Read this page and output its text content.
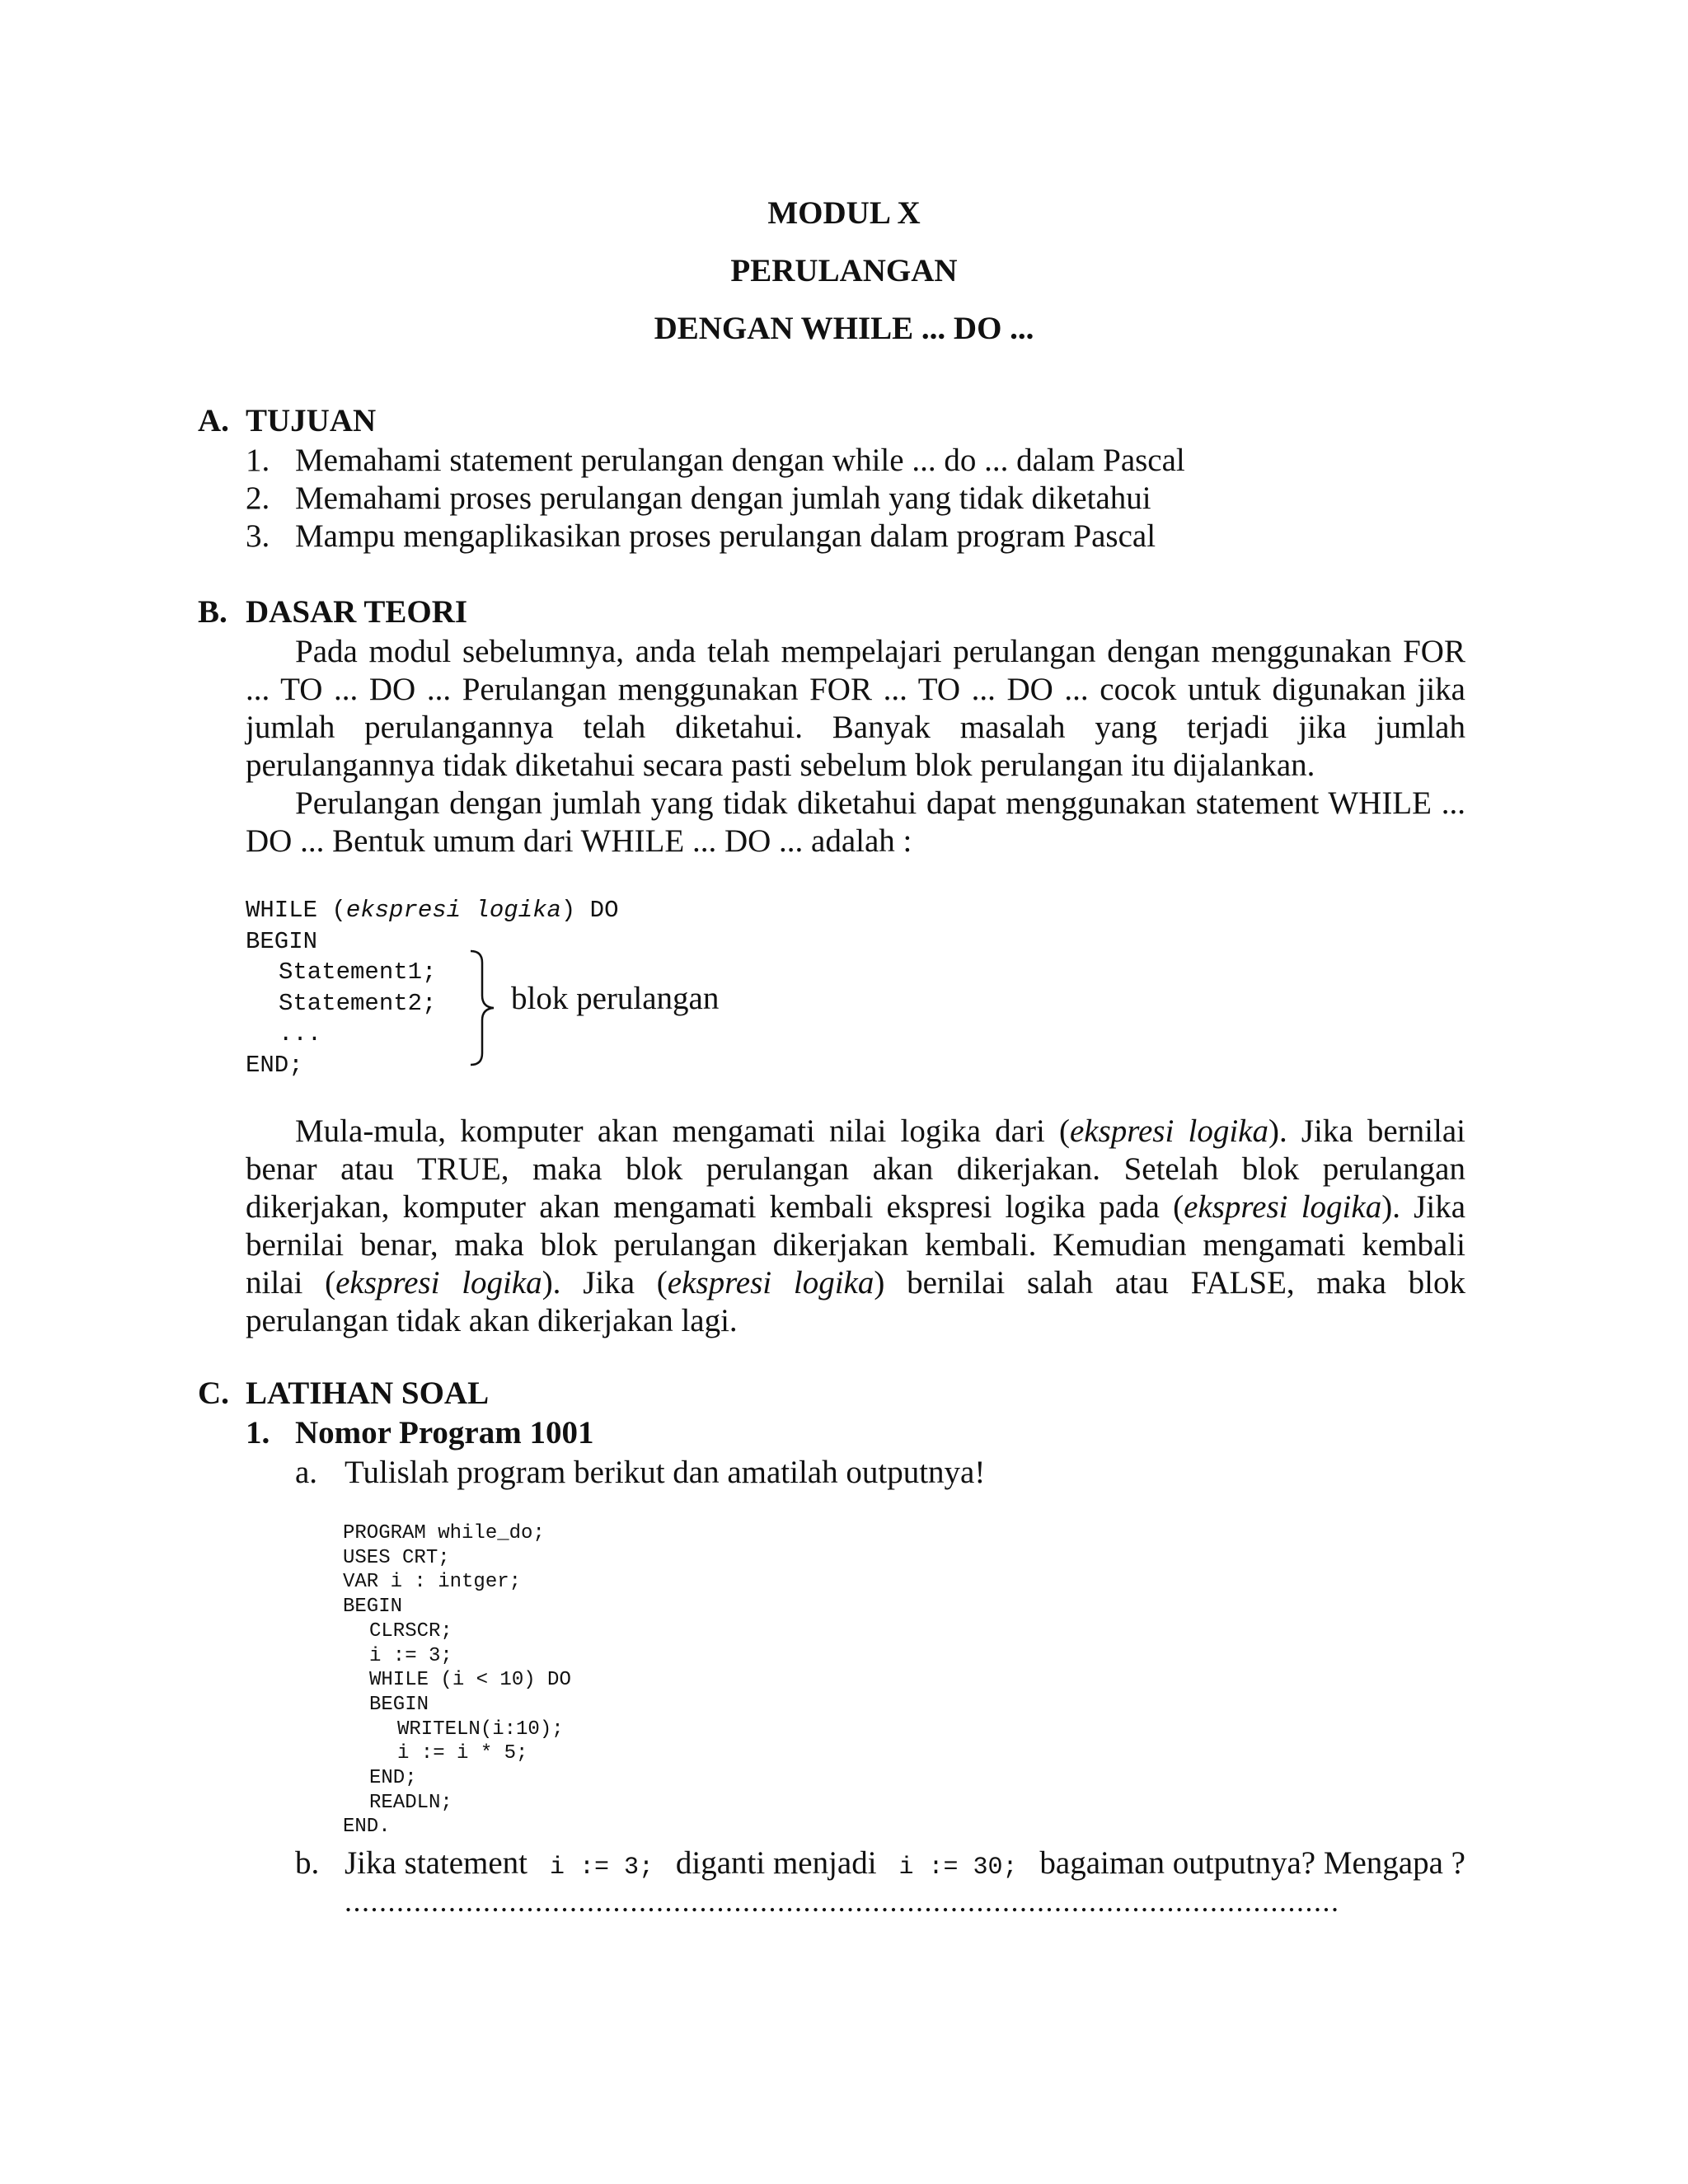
MODUL X
PERULANGAN
DENGAN WHILE ... DO ...
A. TUJUAN
1. Memahami statement perulangan dengan while ... do ... dalam Pascal
2. Memahami proses perulangan dengan jumlah yang tidak diketahui
3. Mampu mengaplikasikan proses perulangan dalam program Pascal
B. DASAR TEORI
Pada modul sebelumnya, anda telah mempelajari perulangan dengan menggunakan FOR
... TO ... DO ... Perulangan menggunakan FOR ... TO ... DO ... cocok untuk digunakan jika
jumlah perulangannya telah diketahui. Banyak masalah yang terjadi jika jumlah
perulangannya tidak diketahui secara pasti sebelum blok perulangan itu dijalankan.
Perulangan dengan jumlah yang tidak diketahui dapat menggunakan statement WHILE ...
DO ... Bentuk umum dari WHILE ... DO ... adalah :
WHILE (ekspresi logika) DO
BEGIN
Statement1;
Statement2;
...
END;
blok perulangan
Mula-mula, komputer akan mengamati nilai logika dari (ekspresi logika). Jika bernilai
benar atau TRUE, maka blok perulangan akan dikerjakan. Setelah blok perulangan
dikerjakan, komputer akan mengamati kembali ekspresi logika pada (ekspresi logika). Jika
bernilai benar, maka blok perulangan dikerjakan kembali. Kemudian mengamati kembali
nilai (ekspresi logika). Jika (ekspresi logika) bernilai salah atau FALSE, maka blok
perulangan tidak akan dikerjakan lagi.
C. LATIHAN SOAL
1. Nomor Program 1001
a. Tulislah program berikut dan amatilah outputnya!
PROGRAM while_do;
USES CRT;
VAR i : intger;
BEGIN
CLRSCR;
i := 3;
WHILE (i < 10) DO
BEGIN
WRITELN(i:10);
i := i * 5;
END;
READLN;
END.
b. Jika statement i := 3; diganti menjadi i := 30; bagaiman outputnya? Mengapa ?
...................................................................................................................
